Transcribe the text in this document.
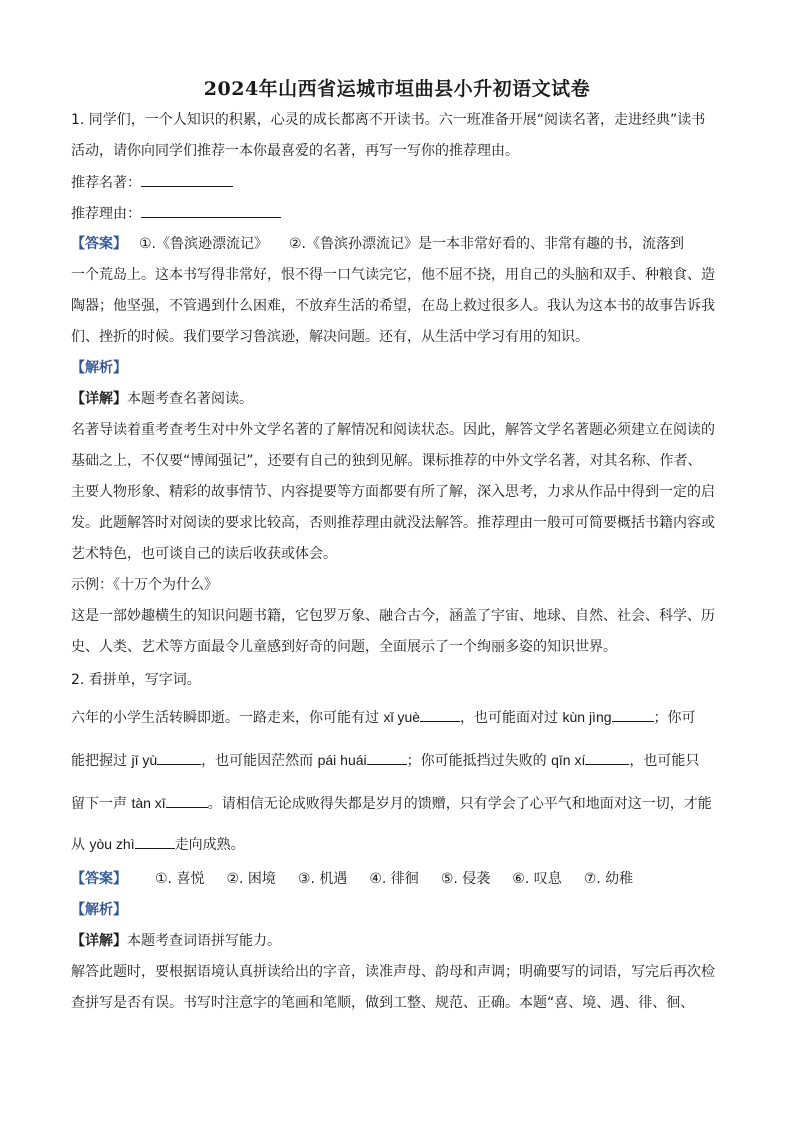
2024年山西省运城市垣曲县小升初语文试卷
1. 同学们，一个人知识的积累，心灵的成长都离不开读书。六一班准备开展“阅读名著，走进经典”读书
活动，请你向同学们推荐一本你最喜爱的名著，再写一写你的推荐理由。
推荐名著：
推荐理由：
【答案】 ①.《鲁滨逊漂流记》　　②.《鲁滨孙漂流记》是一本非常好看的、非常有趣的书，流落到
一个荒岛上。这本书写得非常好，恨不得一口气读完它，他不屈不挠，用自己的头脑和双手、种粮食、造
陶器；他坚强，不管遇到什么困难，不放弃生活的希望，在岛上救过很多人。我认为这本书的故事告诉我
们、挫折的时候。我们要学习鲁滨逊，解决问题。还有，从生活中学习有用的知识。
【解析】
【详解】本题考查名著阅读。
名著导读着重考查考生对中外文学名著的了解情况和阅读状态。因此，解答文学名著题必须建立在阅读的
基础之上，不仅要“博闻强记”，还要有自己的独到见解。课标推荐的中外文学名著，对其名称、作者、
主要人物形象、精彩的故事情节、内容提要等方面都要有所了解，深入思考，力求从作品中得到一定的启
发。此题解答时对阅读的要求比较高，否则推荐理由就没法解答。推荐理由一般可可简要概括书籍内容或
艺术特色，也可谈自己的读后收获或体会。
示例：《十万个为什么》
这是一部妙趣横生的知识问题书籍，它包罗万象、融合古今，涵盖了宇宙、地球、自然、社会、科学、历
史、人类、艺术等方面最令儿童感到好奇的问题，全面展示了一个绚丽多姿的知识世界。
2. 看拼单，写字词。
六年的小学生活转瞬即逝。一路走来，你可能有过 xǐ yuè	，也可能面对过 kùn jìng	；你可
能把握过 jī yù	，也可能因茫然而 pái huái	；你可能抵挡过失败的 qīn xí	，也可能只
留下一声 tàn xī	。请相信无论成败得失都是岁月的馈赠，只有学会了心平气和地面对这一切，才能
从 yòu zhì	走向成熟。
【答案】 ①. 喜悦 ②. 困境 ③. 机遇 ④. 徘徊 ⑤. 侵袭 ⑥. 叹息 ⑦. 幼稚
【解析】
【详解】本题考查词语拼写能力。
解答此题时，要根据语境认真拼读给出的字音，读准声母、韵母和声调；明确要写的词语，写完后再次检
查拼写是否有误。书写时注意字的笔画和笔顺，做到工整、规范、正确。本题“喜、境、遇、徘、徊、
